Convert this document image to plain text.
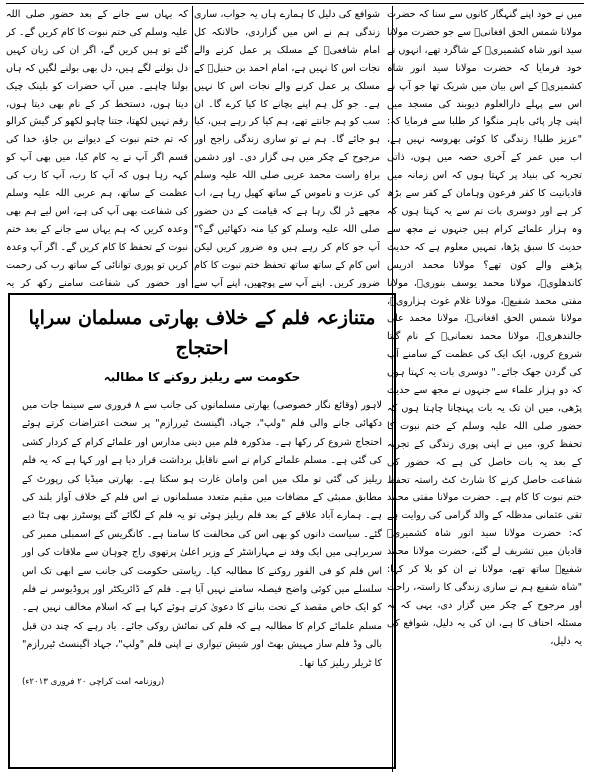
میں نے خود اپنے گنہگار کانوں سے سنا کہ حضرت مولانا شمس الحق افغانیؒ سے جو حضرت مولانا سید انور شاہ کشمیریؒ کے شاگرد تھے، انہوں نے خود فرمایا کہ حضرت مولانا سید انور شاہ کشمیریؒ کے اس بیان میں شریک تھا جو آپ نے اس سے پہلے دارالعلوم دیوبند کی مسجد میں اپنی چار پائی باہر منگوا کر طلبا سے فرمایا کہ: "عزیز طلبا! زندگی کا کوئی بھروسہ نہیں ہے، اب میں عمر کے آخری حصہ میں ہوں، ذاتی تجربہ کی بنیاد پر کہتا ہوں کہ اس زمانہ میں قادیانیت کا کفر فرعون وہامان کے کفر سے بڑھ کر ہے اور دوسری بات تم سے یہ کہتا ہوں کہ وہ ہزار علمائے کرام ہیں جنہوں نے مجھ سے حدیث کا سبق پڑھا، تمہیں معلوم ہے کہ حدیث پڑھنے والے کون تھے؟ مولانا محمد ادریس کاندھلویؒ، مولانا محمد یوسف بنوریؒ، مولانا مفتی محمد شفیعؒ، مولانا غلام غوث ہزارویؒ، مولانا شمس الحق افغانیؒ، مولانا محمد علی جالندھریؒ، مولانا محمد نعمانیؒ کے نام گنتا شروع کروں، ایک ایک کی عظمت کے سامنے آپ کی گردن جھک جائے۔" دوسری بات یہ کہتا ہوں کہ دو ہزار علماء سے جنہوں نے مجھ سے حدیث پڑھی، میں ان تک یہ بات پہنچانا چاہتا ہوں کہ حضور صلی اللہ علیہ وسلم کے ختم نبوت کا تحفظ کرو، میں نے اپنی پوری زندگی کے تجربہ کے بعد یہ بات حاصل کی ہے کہ حضور کی شفاعت حاصل کرنے کا شارٹ کٹ راستہ تحفظ ختم نبوت کا کام ہے۔ حضرت مولانا مفتی محمد تقی عثمانی مدظلہ کے والد گرامی کی روایت ہے کہ: حضرت مولانا سید انور شاہ کشمیریؒ قادیان میں تشریف لے گئے، حضرت مولانا محمد شفیعؒ ساتھ تھے، مولانا نے ان کو بلا کر کہا: "شاہ شفیع ہم نے ساری زندگی کا راستہ، راحت اور مرجوح کے چکر میں گزار دی، یہی کہ یہ مسئلہ احناف کا ہے، ان کی یہ دلیل، شوافع کی یہ دلیل،

شوافع کی دلیل کا ہمارے ہاں یہ جواب، ساری زندگی ہم نے اس میں گزاردی، حالانکہ کل امام شافعیؒ کے مسلک پر عمل کرنے والے نجات اس کا نہیں ہے، امام احمد بن حنبلؒ کے مسلک پر عمل کرنے والے نجات اس کا نہیں ہے۔ جو کل ہم اپنے بچانے کا کیا کرے گا۔ ان سب کو ہم جانتے تھے، ہم کیا کر رہے ہیں، کیا ہو جائے گا۔ ہم نے تو ساری زندگی راجح اور مرجوح کے چکر میں ہی گزار دی۔ اور دشمن براہِ راست محمد عربی صلی اللہ علیہ وسلم کی عزت و ناموس کے ساتھ کھیل رہا ہے، اب مجھے ڈر لگ رہا ہے کہ قیامت کے دن حضور صلی اللہ علیہ وسلم کو کیا منہ دکھائیں گے؟" آپ جو کام کر رہے ہیں وہ ضرور کریں لیکن اس کام کے ساتھ ساتھ تحفظ ختم نبوت کا کام ضرور کریں۔ اپنے آپ سے پوچھیں، اپنے آپ سے

کہ یہاں سے جانے کے بعد حضور صلی اللہ علیہ وسلم کی ختم نبوت کا کام کریں گے۔ کر گئے تو ہیں کریں گے، اگر ان کی زبان کہیں دل بولنے لگے ہیں، دل بھی بولنے لگیں کہ ہاں بولنا چاہیے۔ میں آپ حضرات کو بلینک چیک دیتا ہوں، دستخط کر کے نام بھی دیتا ہوں، رقم نہیں لکھتا، جتنا چاہو لکھو کر گیش کرالو کہ تم ختم نبوت کے دیوانے بن جاؤ، خدا کی قسم اگر آپ نے یہ کام کیا، میں بھی آپ کو کہہ رہا ہوں کہ آپ کا رب، آپ کا رب کی عظمت کے ساتھ، ہم عربی اللہ علیہ وسلم کی شفاعت بھی آپ کی ہے، اس لیے ہم بھی وعدہ کریں کہ ہم یہاں سے جانے کے بعد ختم نبوت کے تحفظ کا کام کریں گے۔ اگر آپ وعدہ کریں تو پوری توانائی کے ساتھ رب کی رحمت اور حضور کی شفاعت سامنے رکھ کر یہ

متنازعہ فلم کے خلاف بھارتی مسلمان سراپا احتجاج
حکومت سے ریلیز روکنے کا مطالبہ

لاہور (وقائع نگار خصوصی) بھارتی مسلمانوں کی جانب سے ۸ فروری سے سینما جات میں دکھائی جانے والی فلم "ولپ"، جہاد، اگینسٹ ٹیررازم" پر سخت اعتراضات کرتے ہوئے احتجاج شروع کر رکھا ہے۔ مذکورہ فلم میں دینی مدارس اور علمائے کرام کے کردار کشی کی گئی ہے۔ مسلم علمائے کرام نے اسے ناقابل برداشت قرار دیا ہے اور کہا ہے کہ یہ فلم ریلیز کی گئی تو ملک میں امن وامان غارت ہو سکتا ہے۔ بھارتی میڈیا کی رپورٹ کے مطابق ممبئی کے مضافات میں مقیم متعدد مسلمانوں نے اس فلم کے خلاف آواز بلند کی ہے۔ ہمارے آباد علاقے کے بعد فلم ریلیز ہوئی تو یہ فلم کے لگائے گئے پوسٹرز بھی ہٹا دیے گئے۔ سیاست دانوں کو بھی اس کی مخالفت کا سامنا ہے۔ کانگریس کے اسمبلی ممبر کی سربراہی میں ایک وفد نے مہاراشٹر کے وزیر اعلیٰ پرتھوی راج چوہان سے ملاقات کی اور اس فلم کو فی الفور روکنے کا مطالبہ کیا۔ ریاستی حکومت کی جانب سے ابھی تک اس سلسلے میں کوئی واضح فیصلہ سامنے نہیں آیا ہے۔ فلم کے ڈائریکٹر اور پروڈیوسر نے فلم کو ایک خاص مقصد کے تحت بنانے کا دعویٰ کرتے ہوئے کہا ہے کہ اسلام مخالف نہیں ہے۔ مسلم علمائے کرام کا مطالبہ ہے کہ فلم کی نمائش روکی جائے۔ یاد رہے کہ چند دن قبل بالی وڈ فلم ساز مہیش بھٹ اور شیش تیواری نے اپنی فلم "ولپ"، جہاد اگینسٹ ٹیررازم" کا ٹریلر ریلیز کیا تھا۔

(روزنامہ امت کراچی ۲۰ فروری ۲۰۱۳ء)
